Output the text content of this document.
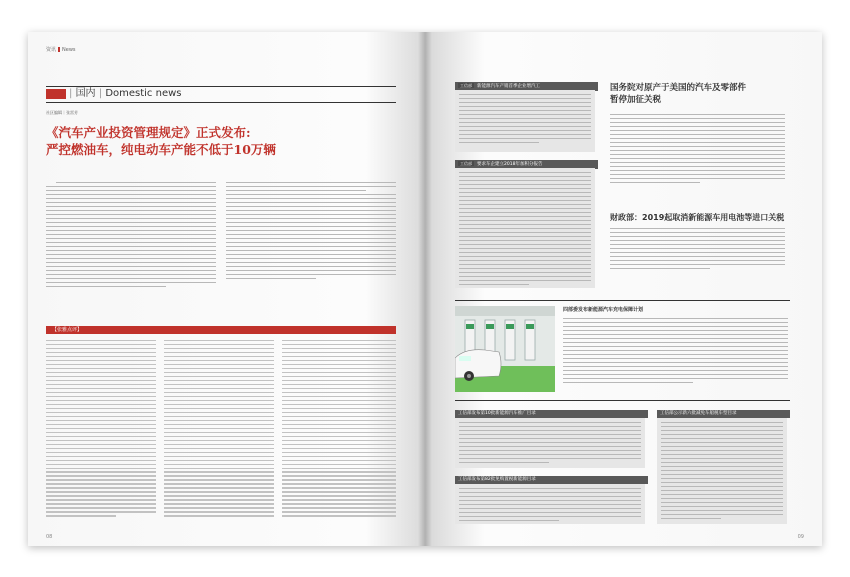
资讯 News
| 国内 | Domestic news
社区编辑｜张雷芳
《汽车产业投资管理规定》正式发布:
严控燃油车，纯电动车产能不低于10万辆
【张雅点评】
08
工信部 新能源汽车产销首季企业增汽工
工信部 要求车企建立2018年加积分报告
国务院对原产于美国的汽车及零部件
暂停加征关税
财政部：2019起取消新能源车用电池等进口关税
四部委发布新能源汽车充电保障计划
工信部发布第10批新能源汽车推广目录
工信部发布第82批免购置税新能源目录
工信部公示新六批减免车船税车型目录
09
